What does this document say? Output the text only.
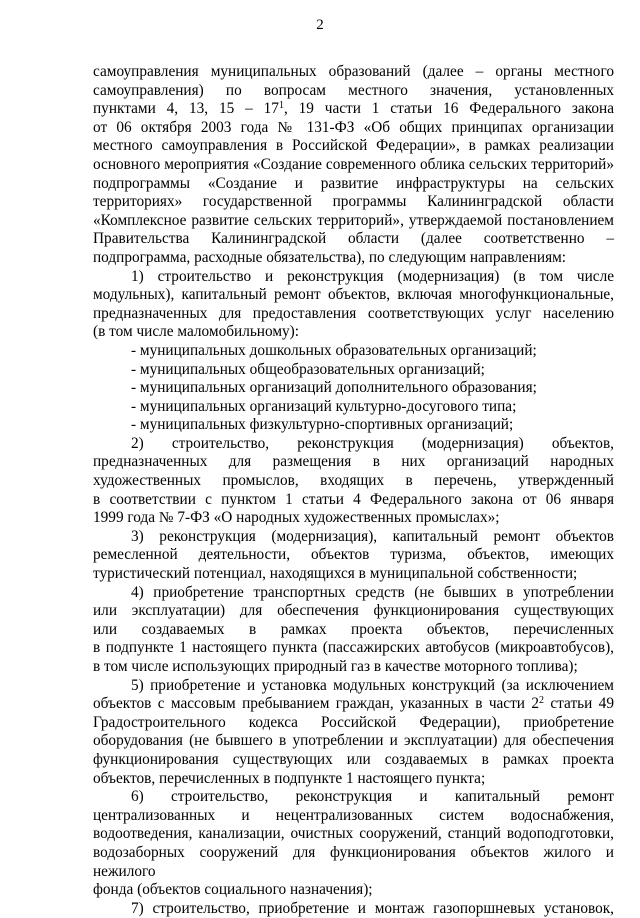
2

самоуправления муниципальных образований (далее – органы местного

самоуправления) по вопросам местного значения, установленных

пунктами 4, 13, $15 - 17^1$, 19 части 1 статьи 16 Федерального закона

от 06 октября 2003 года № 131-ФЗ «Об общих принципах организации

местного самоуправления в Российской Федерации», в рамках реализации

основного мероприятия «Создание современного облика сельских территорий»

подпрограммы «Создание и развитие инфраструктуры на сельских

территориях» государственной программы Калининградской области

«Комплексное развитие сельских территорий», утверждаемой постановлением

Правительства Калининградской области (далее соответственно –

подпрограмма, расходные обязательства), по следующим направлениям:

1) строительство и реконструкция (модернизация) (в том числе

модульных), капитальный ремонт объектов, включая многофункциональные,

предназначенных для предоставления соответствующих услуг населению

(в том числе маломобильному):

- муниципальных дошкольных образовательных организаций;

- муниципальных общеобразовательных организаций;

- муниципальных организаций дополнительного образования;

- муниципальных организаций культурно-досугового типа;

- муниципальных физкультурно-спортивных организаций;

2) строительство, реконструкция (модернизация) объектов,

предназначенных для размещения в них организаций народных

художественных промыслов, входящих в перечень, утвержденный

в соответствии с пунктом 1 статьи 4 Федерального закона от 06 января

1999 года № 7-ФЗ «О народных художественных промыслах»;

3) реконструкция (модернизация), капитальный ремонт объектов

ремесленной деятельности, объектов туризма, объектов, имеющих

туристический потенциал, находящихся в муниципальной собственности;

4) приобретение транспортных средств (не бывших в употреблении

или эксплуатации) для обеспечения функционирования существующих

или создаваемых в рамках проекта объектов, перечисленных

в подпункте 1 настоящего пункта (пассажирских автобусов (микроавтобусов),

в том числе использующих природный газ в качестве моторного топлива);

5) приобретение и установка модульных конструкций (за исключением

объектов с массовым пребыванием граждан, указанных в части $2^2$ статьи 49

Градостроительного кодекса Российской Федерации), приобретение

оборудования (не бывшего в употреблении и эксплуатации) для обеспечения

функционирования существующих или создаваемых в рамках проекта

объектов, перечисленных в подпункте 1 настоящего пункта;

6) строительство, реконструкция и капитальный ремонт

централизованных и нецентрализованных систем водоснабжения,

водоотведения, канализации, очистных сооружений, станций водоподготовки,

водозаборных сооружений для функционирования объектов жилого и нежилого

фонда (объектов социального назначения);

7) строительство, приобретение и монтаж газопоршневых установок,
